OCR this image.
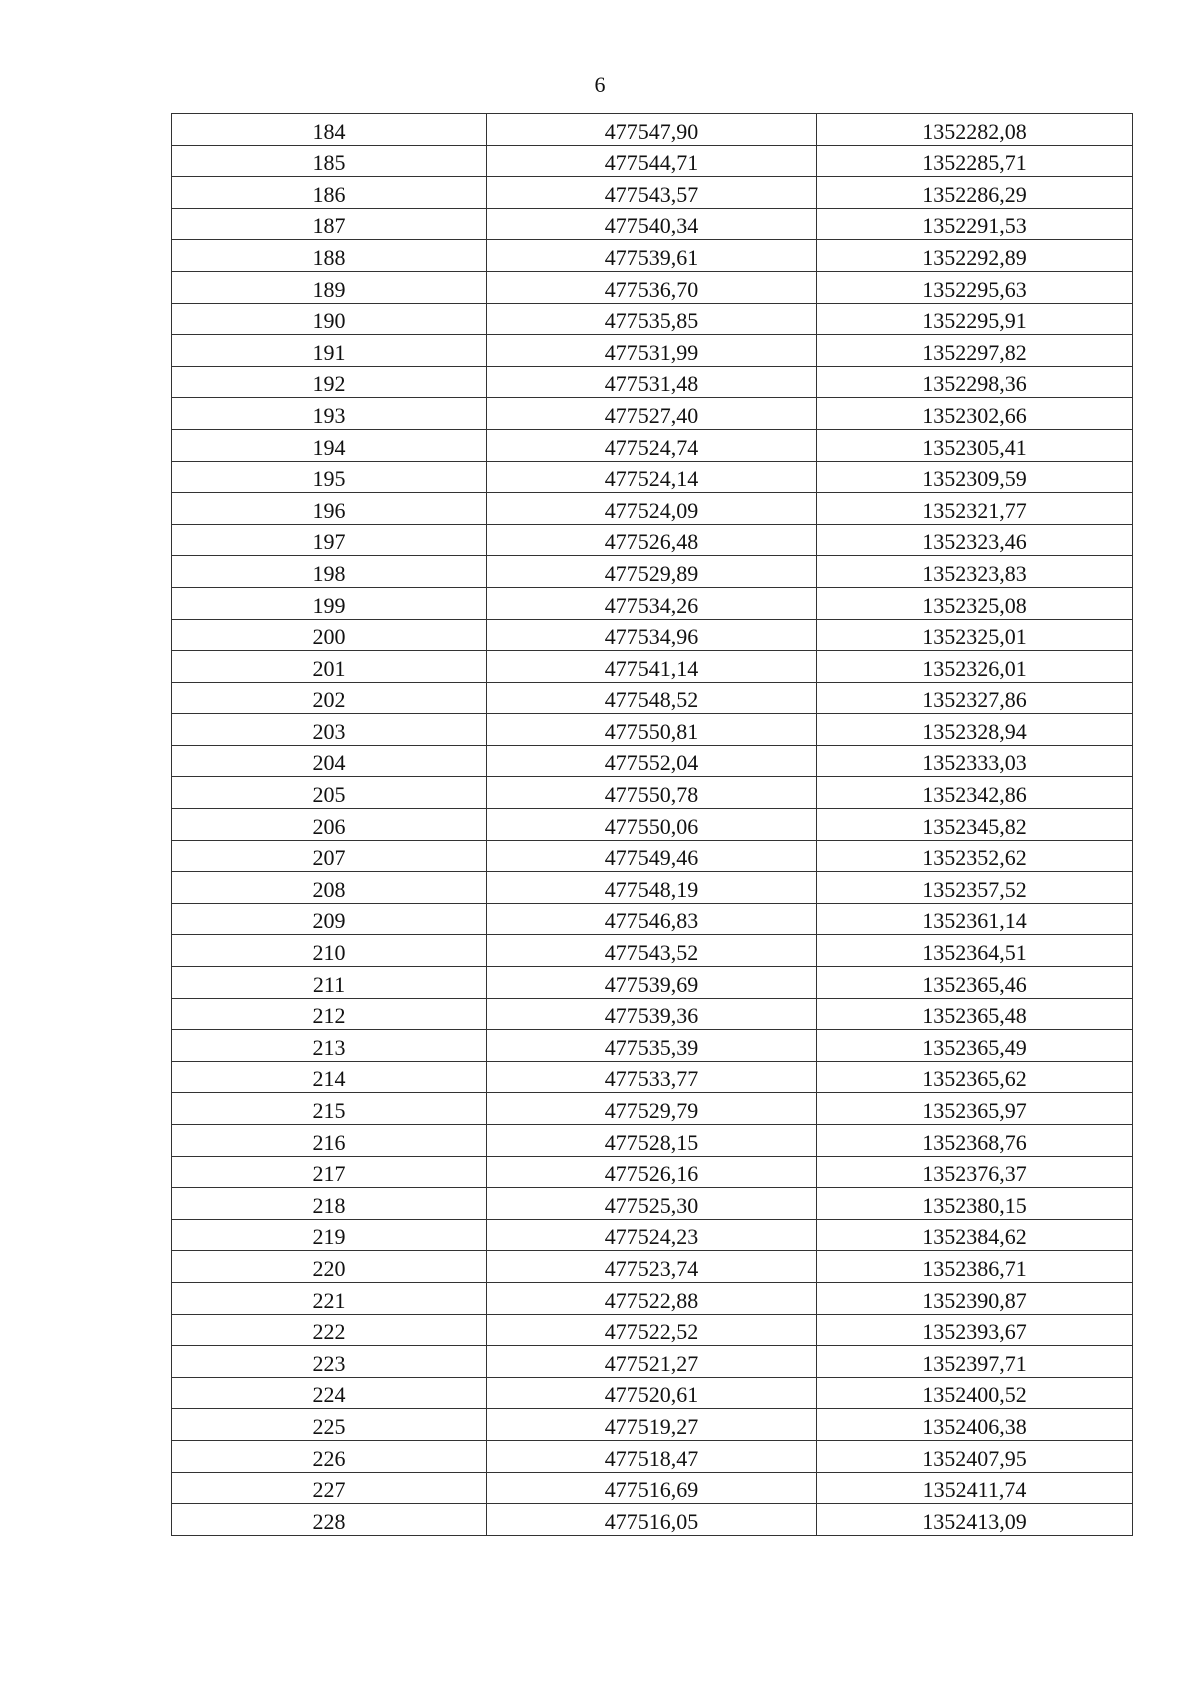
6
184	477547,90	1352282,08
185	477544,71	1352285,71
186	477543,57	1352286,29
187	477540,34	1352291,53
188	477539,61	1352292,89
189	477536,70	1352295,63
190	477535,85	1352295,91
191	477531,99	1352297,82
192	477531,48	1352298,36
193	477527,40	1352302,66
194	477524,74	1352305,41
195	477524,14	1352309,59
196	477524,09	1352321,77
197	477526,48	1352323,46
198	477529,89	1352323,83
199	477534,26	1352325,08
200	477534,96	1352325,01
201	477541,14	1352326,01
202	477548,52	1352327,86
203	477550,81	1352328,94
204	477552,04	1352333,03
205	477550,78	1352342,86
206	477550,06	1352345,82
207	477549,46	1352352,62
208	477548,19	1352357,52
209	477546,83	1352361,14
210	477543,52	1352364,51
211	477539,69	1352365,46
212	477539,36	1352365,48
213	477535,39	1352365,49
214	477533,77	1352365,62
215	477529,79	1352365,97
216	477528,15	1352368,76
217	477526,16	1352376,37
218	477525,30	1352380,15
219	477524,23	1352384,62
220	477523,74	1352386,71
221	477522,88	1352390,87
222	477522,52	1352393,67
223	477521,27	1352397,71
224	477520,61	1352400,52
225	477519,27	1352406,38
226	477518,47	1352407,95
227	477516,69	1352411,74
228	477516,05	1352413,09
